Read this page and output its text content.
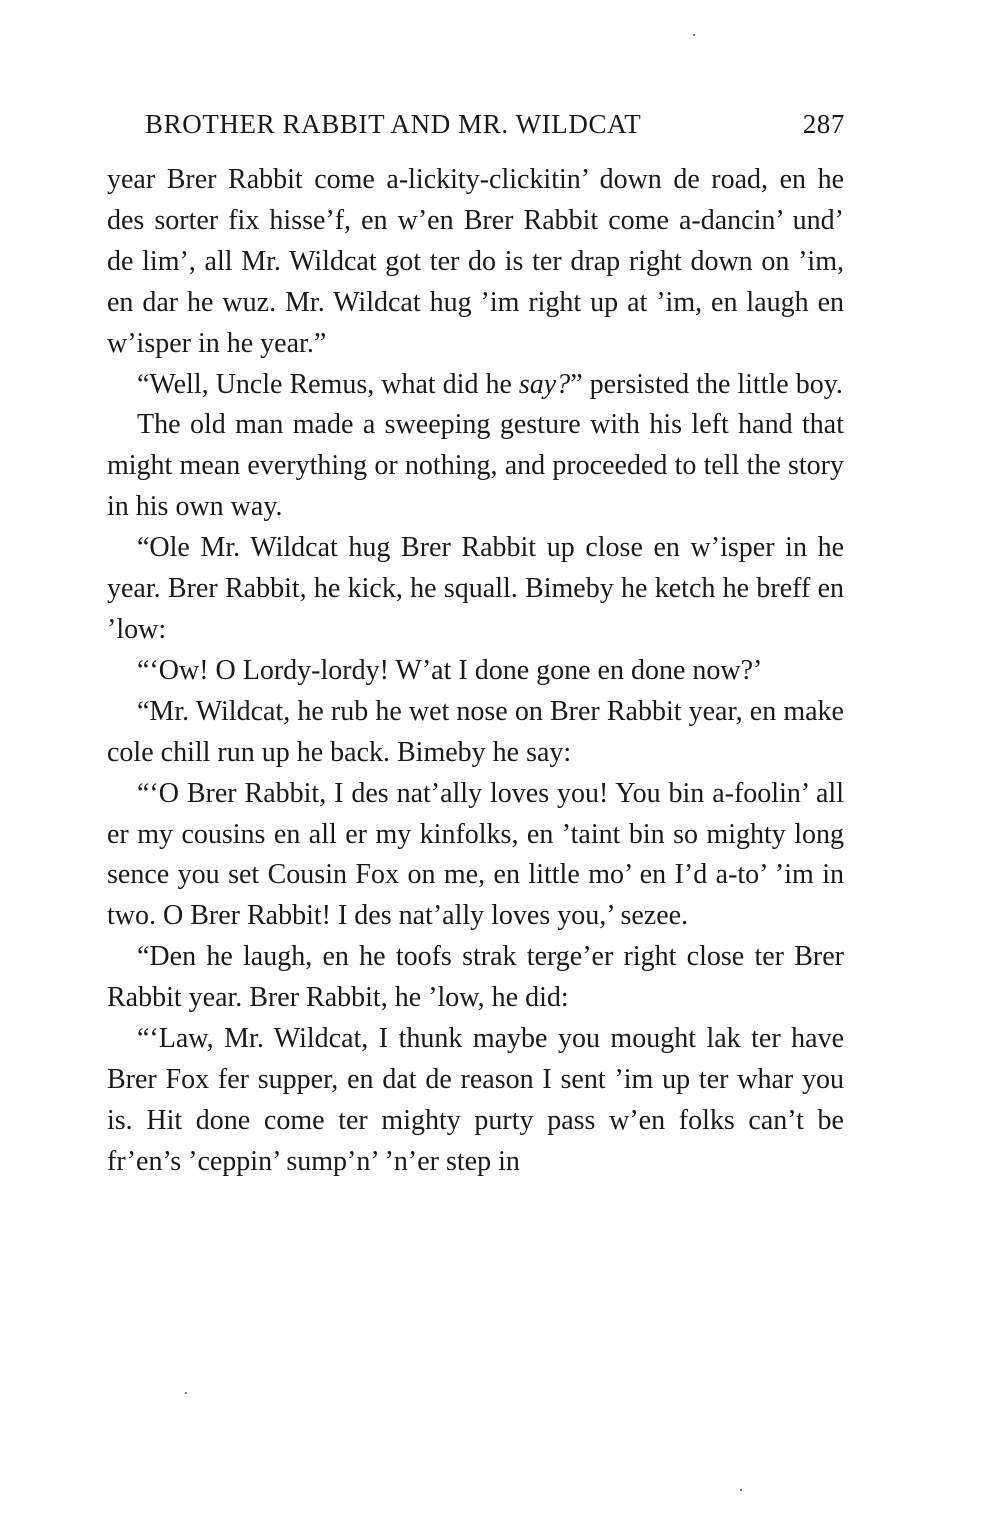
BROTHER RABBIT AND MR. WILDCAT	287

year Brer Rabbit come a-lickity-clickitin’ down de road, en he des sorter fix hisse’f, en w’en Brer Rabbit come a-dancin’ und’ de lim’, all Mr. Wildcat got ter do is ter drap right down on ’im, en dar he wuz. Mr. Wildcat hug ’im right up at ’im, en laugh en w’isper in he year.”

“Well, Uncle Remus, what did he say?” persisted the little boy.

The old man made a sweeping gesture with his left hand that might mean everything or nothing, and proceeded to tell the story in his own way.

“Ole Mr. Wildcat hug Brer Rabbit up close en w’isper in he year. Brer Rabbit, he kick, he squall. Bimeby he ketch he breff en ’low:

“‘Ow! O Lordy-lordy! W’at I done gone en done now?’

“Mr. Wildcat, he rub he wet nose on Brer Rabbit year, en make cole chill run up he back. Bimeby he say:

“‘O Brer Rabbit, I des nat’ally loves you! You bin a-foolin’ all er my cousins en all er my kinfolks, en ’taint bin so mighty long sence you set Cousin Fox on me, en little mo’ en I’d a-to’ ’im in two. O Brer Rabbit! I des nat’ally loves you,’ sezee.

“Den he laugh, en he toofs strak terge’er right close ter Brer Rabbit year. Brer Rabbit, he ’low, he did:

“‘Law, Mr. Wildcat, I thunk maybe you mought lak ter have Brer Fox fer supper, en dat de reason I sent ’im up ter whar you is. Hit done come ter mighty purty pass w’en folks can’t be fr’en’s ’ceppin’ sump’n’ ’n’er step in
